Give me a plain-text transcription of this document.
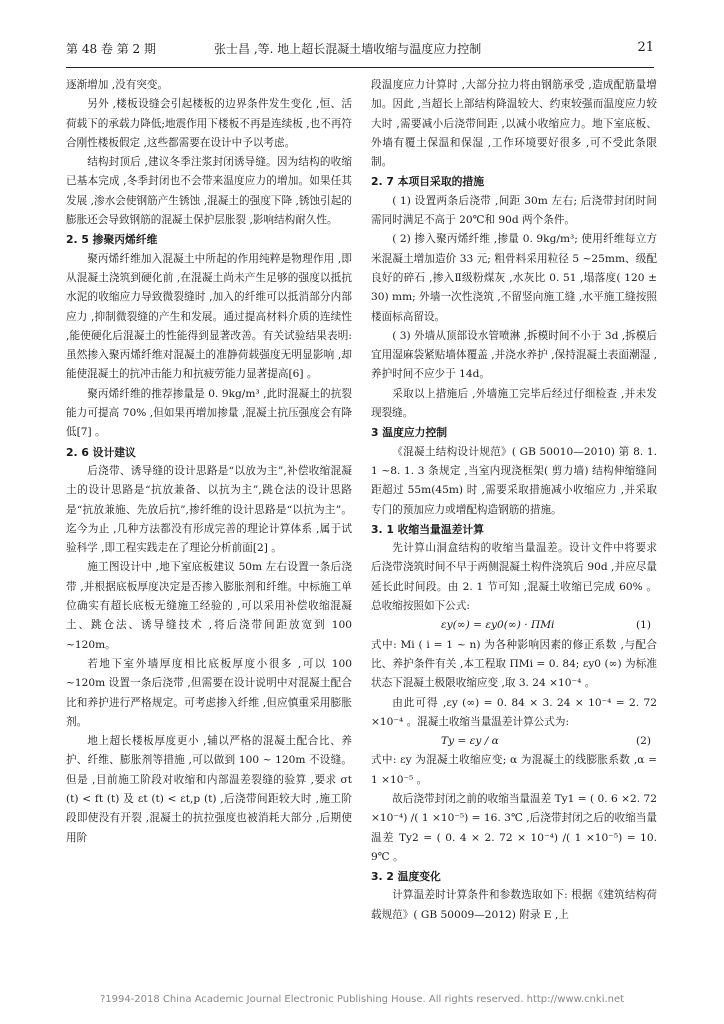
第 48 卷 第 2 期	张士昌 ,等. 地上超长混凝土墙收缩与温度应力控制	21

逐渐增加 ,没有突变。

另外 ,楼板设缝会引起楼板的边界条件发生变化 ,恒、活荷载下的承载力降低;地震作用下楼板不再是连续板 ,也不再符合刚性楼板假定 ,这些都需要在设计中予以考虑。

结构封顶后 ,建议冬季注浆封闭诱导缝。因为结构的收缩已基本完成 ,冬季封闭也不会带来温度应力的增加。如果任其发展 ,渗水会使钢筋产生锈蚀 ,混凝土的强度下降 ,锈蚀引起的膨胀还会导致钢筋的混凝土保护层胀裂 ,影响结构耐久性。

2. 5 掺聚丙烯纤维

聚丙烯纤维加入混凝土中所起的作用纯粹是物理作用 ,即从混凝土浇筑到硬化前 ,在混凝土尚未产生足够的强度以抵抗水泥的收缩应力导致微裂缝时 ,加入的纤维可以抵消部分内部应力 ,抑制微裂缝的产生和发展。通过提高材料介质的连续性 ,能使硬化后混凝土的性能得到显著改善。有关试验结果表明: 虽然掺入聚丙烯纤维对混凝土的准静荷载强度无明显影响 ,却能使混凝土的抗冲击能力和抗疲劳能力显著提高[6] 。

聚丙烯纤维的推荐掺量是 0. 9kg/m³ ,此时混凝土的抗裂能力可提高 70% ,但如果再增加掺量 ,混凝土抗压强度会有降低[7] 。

2. 6 设计建议

后浇带、诱导缝的设计思路是“以放为主”,补偿收缩混凝土的设计思路是“抗放兼备、以抗为主”,跳仓法的设计思路是“抗放兼施、先放后抗”,掺纤维的设计思路是“以抗为主”。迄今为止 ,几种方法都没有形成完善的理论计算体系 ,属于试验科学 ,即工程实践走在了理论分析前面[2] 。

施工图设计中 ,地下室底板建议 50m 左右设置一条后浇带 ,并根据底板厚度决定是否掺入膨胀剂和纤维。中标施工单位确实有超长底板无缝施工经验的 ,可以采用补偿收缩混凝土、跳仓法、诱导缝技术 ,将后浇带间距放宽到 100 ~120m。

若地下室外墙厚度相比底板厚度小很多 ,可以 100 ~120m 设置一条后浇带 ,但需要在设计说明中对混凝土配合比和养护进行严格规定。可考虑掺入纤维 ,但应慎重采用膨胀剂。

地上超长楼板厚度更小 ,辅以严格的混凝土配合比、养护、纤维、膨胀剂等措施 ,可以做到 100 ~ 120m 不设缝。但是 ,目前施工阶段对收缩和内部温差裂缝的验算 ,要求 σt (t) < ft (t) 及 εt (t) < εt,p (t) ,后浇带间距较大时 ,施工阶段即使没有开裂 ,混凝土的抗拉强度也被消耗大部分 ,后期使用阶

段温度应力计算时 ,大部分拉力将由钢筋承受 ,造成配筋量增加。因此 ,当超长上部结构降温较大、约束较强而温度应力较大时 ,需要减小后浇带间距 ,以减小收缩应力。地下室底板、外墙有覆土保温和保湿 ,工作环境要好很多 ,可不受此条限制。

2. 7 本项目采取的措施

( 1) 设置两条后浇带 ,间距 30m 左右; 后浇带封闭时间需同时满足不高于 20℃和 90d 两个条件。

( 2) 掺入聚丙烯纤维 ,掺量 0. 9kg/m³; 使用纤维每立方米混凝土增加造价 33 元; 粗骨料采用粒径 5 ~25mm、级配良好的碎石 ,掺入Ⅱ级粉煤灰 ,水灰比 0. 51 ,塌落度( 120 ± 30) mm; 外墙一次性浇筑 ,不留竖向施工缝 ,水平施工缝按照楼面标高留设。

( 3) 外墙从顶部设水管喷淋 ,拆模时间不小于 3d ,拆模后宜用湿麻袋紧贴墙体覆盖 ,并浇水养护 ,保持混凝土表面潮湿 ,养护时间不应少于 14d。

采取以上措施后 ,外墙施工完毕后经过仔细检查 ,并未发现裂缝。

3 温度应力控制

《混凝土结构设计规范》( GB 50010—2010) 第 8. 1. 1 ~8. 1. 3 条规定 ,当室内现浇框架( 剪力墙) 结构伸缩缝间距超过 55m(45m) 时 ,需要采取措施减小收缩应力 ,并采取专门的预加应力或增配构造钢筋的措施。

3. 1 收缩当量温差计算

先计算山洞盒结构的收缩当量温差。设计文件中将要求后浇带浇筑时间不早于两侧混凝土构件浇筑后 90d ,并应尽量延长此时间段。由 2. 1 节可知 ,混凝土收缩已完成 60% 。总收缩按照如下公式:

εy(∞) = εy0(∞) · ΠMi	(1)

式中: Mi ( i = 1 ~ n) 为各种影响因素的修正系数 ,与配合比、养护条件有关 ,本工程取 ΠMi = 0. 84; εy0 (∞) 为标准状态下混凝土极限收缩应变 ,取 3. 24 ×10⁻⁴ 。

由此可得 ,εy (∞) = 0. 84 × 3. 24 × 10⁻⁴ = 2. 72 ×10⁻⁴ 。混凝土收缩当量温差计算公式为:

Ty = εy / α	(2)

式中: εy 为混凝土收缩应变; α 为混凝土的线膨胀系数 ,α = 1 ×10⁻⁵ 。

故后浇带封闭之前的收缩当量温差 Ty1 = ( 0. 6 ×2. 72 ×10⁻⁴) /( 1 ×10⁻⁵) = 16. 3℃ ,后浇带封闭之后的收缩当量温差 Ty2 = ( 0. 4 × 2. 72 × 10⁻⁴) /( 1 ×10⁻⁵) = 10. 9℃ 。

3. 2 温度变化

计算温差时计算条件和参数选取如下: 根据《建筑结构荷载规范》( GB 50009—2012) 附录 E ,上

?1994-2018 China Academic Journal Electronic Publishing House. All rights reserved. http://www.cnki.net
